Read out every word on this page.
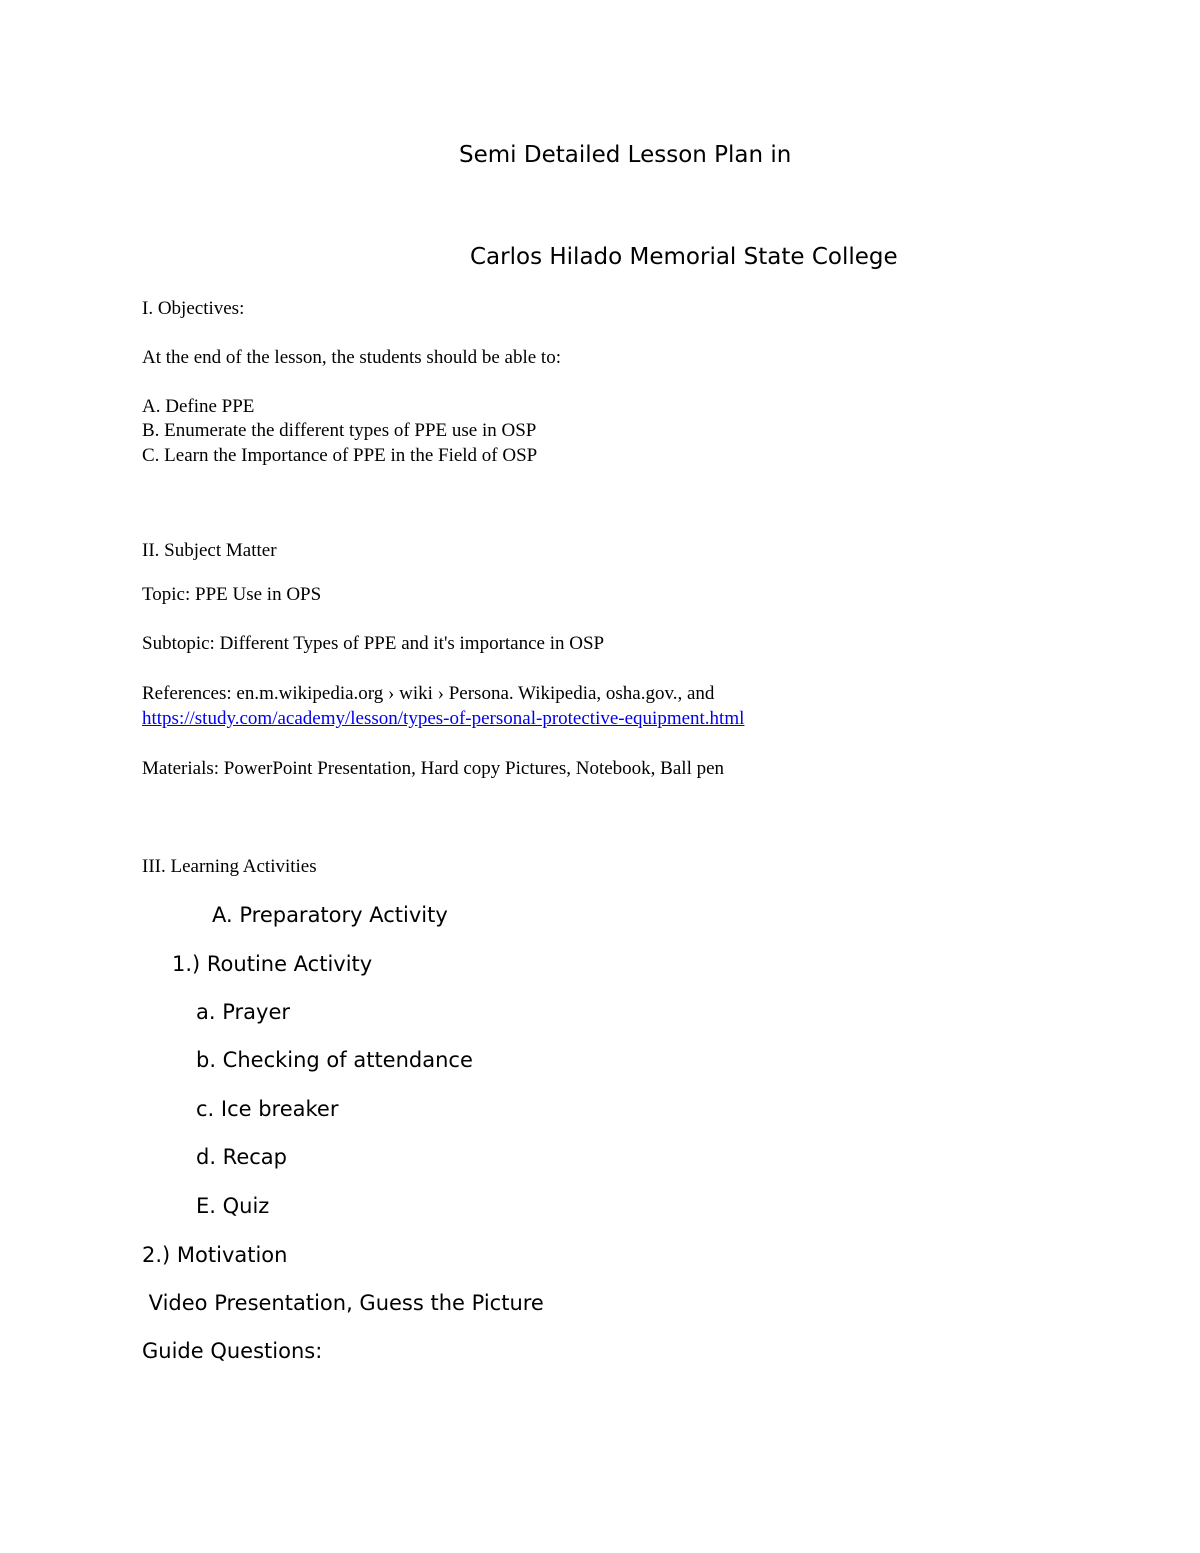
Semi Detailed Lesson Plan in
Carlos Hilado Memorial State College
I. Objectives:
At the end of the lesson, the students should be able to:
A. Define PPE
B. Enumerate the different types of PPE use in OSP
C. Learn the Importance of PPE in the Field of OSP
II. Subject Matter
Topic: PPE Use in OPS
Subtopic: Different Types of PPE and it's importance in OSP
References: en.m.wikipedia.org › wiki › Persona. Wikipedia, osha.gov., and
https://study.com/academy/lesson/types-of-personal-protective-equipment.html
Materials: PowerPoint Presentation, Hard copy Pictures, Notebook, Ball pen
III. Learning Activities
A. Preparatory Activity
1.) Routine Activity
a. Prayer
b. Checking of attendance
c. Ice breaker
d. Recap
E. Quiz
2.) Motivation
Video Presentation, Guess the Picture
Guide Questions:
